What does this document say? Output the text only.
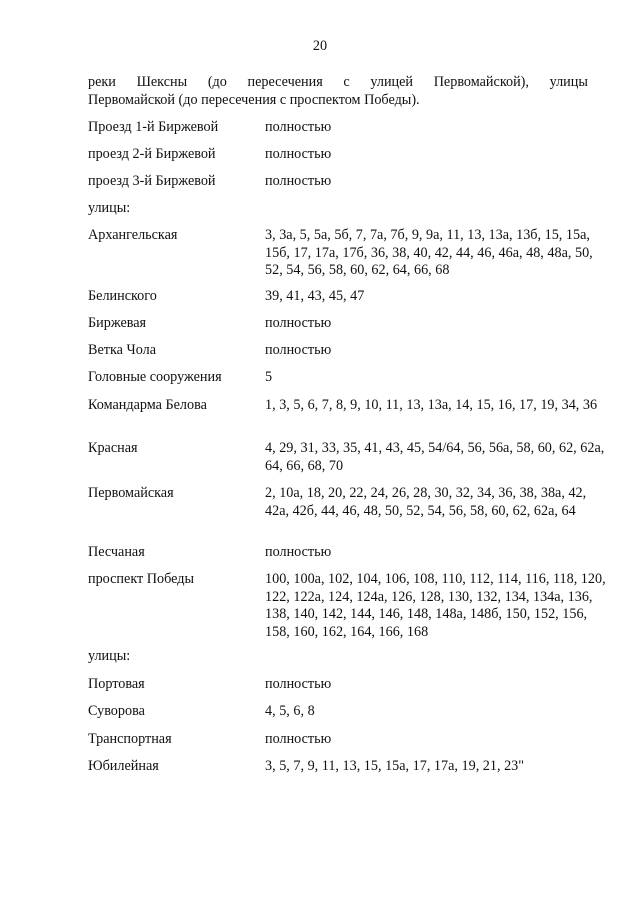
20
реки Шексны (до пересечения с улицей Первомайской), улицы
Первомайской (до пересечения с проспектом Победы).
Проезд 1-й Биржевой	полностью
проезд 2-й Биржевой	полностью
проезд 3-й Биржевой	полностью
улицы:
Архангельская	3, 3а, 5, 5а, 5б, 7, 7а, 7б, 9, 9а, 11, 13, 13а, 13б, 15, 15а, 15б, 17, 17а, 17б, 36, 38, 40, 42, 44, 46, 46а, 48, 48а, 50, 52, 54, 56, 58, 60, 62, 64, 66, 68
Белинского	39, 41, 43, 45, 47
Биржевая	полностью
Ветка Чола	полностью
Головные сооружения	5
Командарма Белова	1, 3, 5, 6, 7, 8, 9, 10, 11, 13, 13а, 14, 15, 16, 17, 19, 34, 36
Красная	4, 29, 31, 33, 35, 41, 43, 45, 54/64, 56, 56а, 58, 60, 62, 62а, 64, 66, 68, 70
Первомайская	2, 10а, 18, 20, 22, 24, 26, 28, 30, 32, 34, 36, 38, 38а, 42, 42а, 42б, 44, 46, 48, 50, 52, 54, 56, 58, 60, 62, 62а, 64
Песчаная	полностью
проспект Победы	100, 100а, 102, 104, 106, 108, 110, 112, 114, 116, 118, 120, 122, 122а, 124, 124а, 126, 128, 130, 132, 134, 134а, 136, 138, 140, 142, 144, 146, 148, 148а, 148б, 150, 152, 156, 158, 160, 162, 164, 166, 168
улицы:
Портовая	полностью
Суворова	4, 5, 6, 8
Транспортная	полностью
Юбилейная	3, 5, 7, 9, 11, 13, 15, 15а, 17, 17а, 19, 21, 23"
